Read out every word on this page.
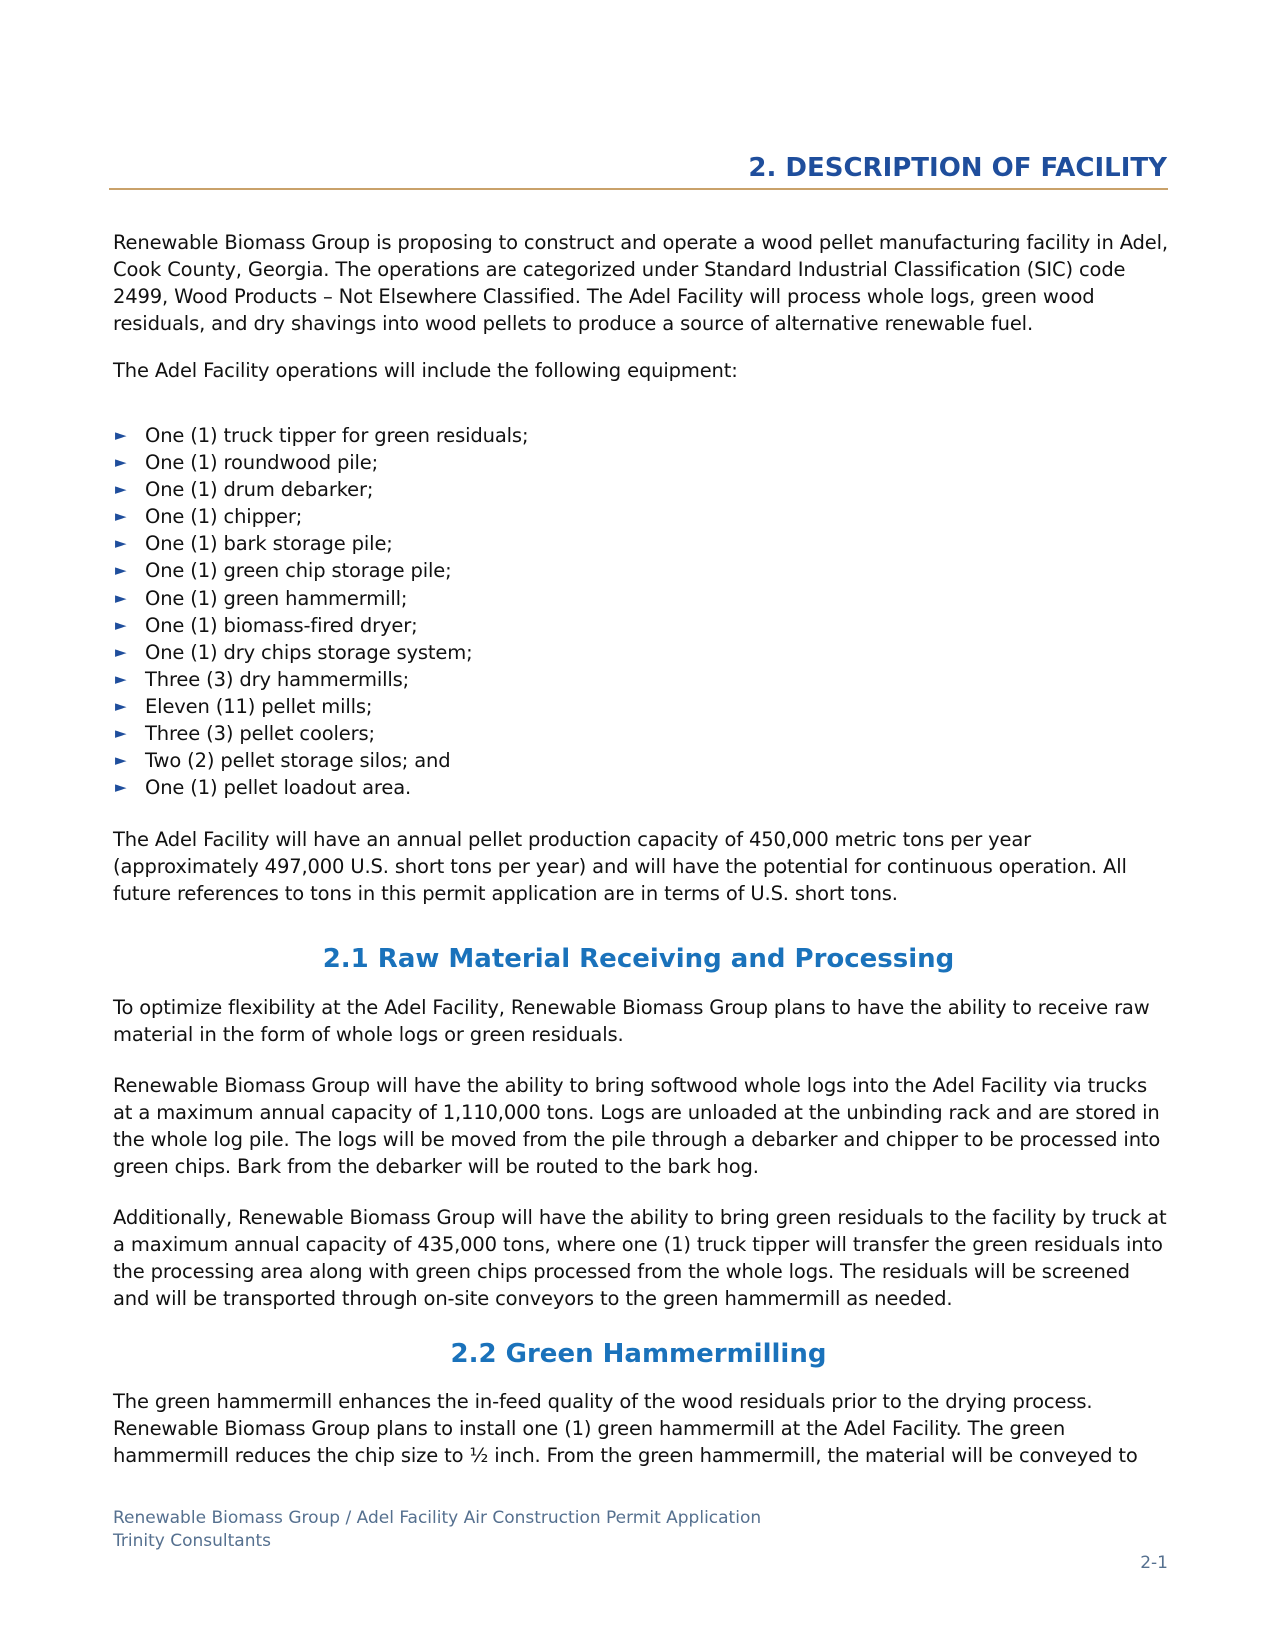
2. DESCRIPTION OF FACILITY

Renewable Biomass Group is proposing to construct and operate a wood pellet manufacturing facility in Adel, Cook County, Georgia. The operations are categorized under Standard Industrial Classification (SIC) code 2499, Wood Products – Not Elsewhere Classified. The Adel Facility will process whole logs, green wood residuals, and dry shavings into wood pellets to produce a source of alternative renewable fuel.

The Adel Facility operations will include the following equipment:

► One (1) truck tipper for green residuals;
► One (1) roundwood pile;
► One (1) drum debarker;
► One (1) chipper;
► One (1) bark storage pile;
► One (1) green chip storage pile;
► One (1) green hammermill;
► One (1) biomass-fired dryer;
► One (1) dry chips storage system;
► Three (3) dry hammermills;
► Eleven (11) pellet mills;
► Three (3) pellet coolers;
► Two (2) pellet storage silos; and
► One (1) pellet loadout area.

The Adel Facility will have an annual pellet production capacity of 450,000 metric tons per year (approximately 497,000 U.S. short tons per year) and will have the potential for continuous operation. All future references to tons in this permit application are in terms of U.S. short tons.

2.1 Raw Material Receiving and Processing

To optimize flexibility at the Adel Facility, Renewable Biomass Group plans to have the ability to receive raw material in the form of whole logs or green residuals.

Renewable Biomass Group will have the ability to bring softwood whole logs into the Adel Facility via trucks at a maximum annual capacity of 1,110,000 tons. Logs are unloaded at the unbinding rack and are stored in the whole log pile. The logs will be moved from the pile through a debarker and chipper to be processed into green chips. Bark from the debarker will be routed to the bark hog.

Additionally, Renewable Biomass Group will have the ability to bring green residuals to the facility by truck at a maximum annual capacity of 435,000 tons, where one (1) truck tipper will transfer the green residuals into the processing area along with green chips processed from the whole logs. The residuals will be screened and will be transported through on-site conveyors to the green hammermill as needed.

2.2 Green Hammermilling

The green hammermill enhances the in-feed quality of the wood residuals prior to the drying process. Renewable Biomass Group plans to install one (1) green hammermill at the Adel Facility. The green hammermill reduces the chip size to ½ inch. From the green hammermill, the material will be conveyed to

Renewable Biomass Group / Adel Facility Air Construction Permit Application
Trinity Consultants
2-1
